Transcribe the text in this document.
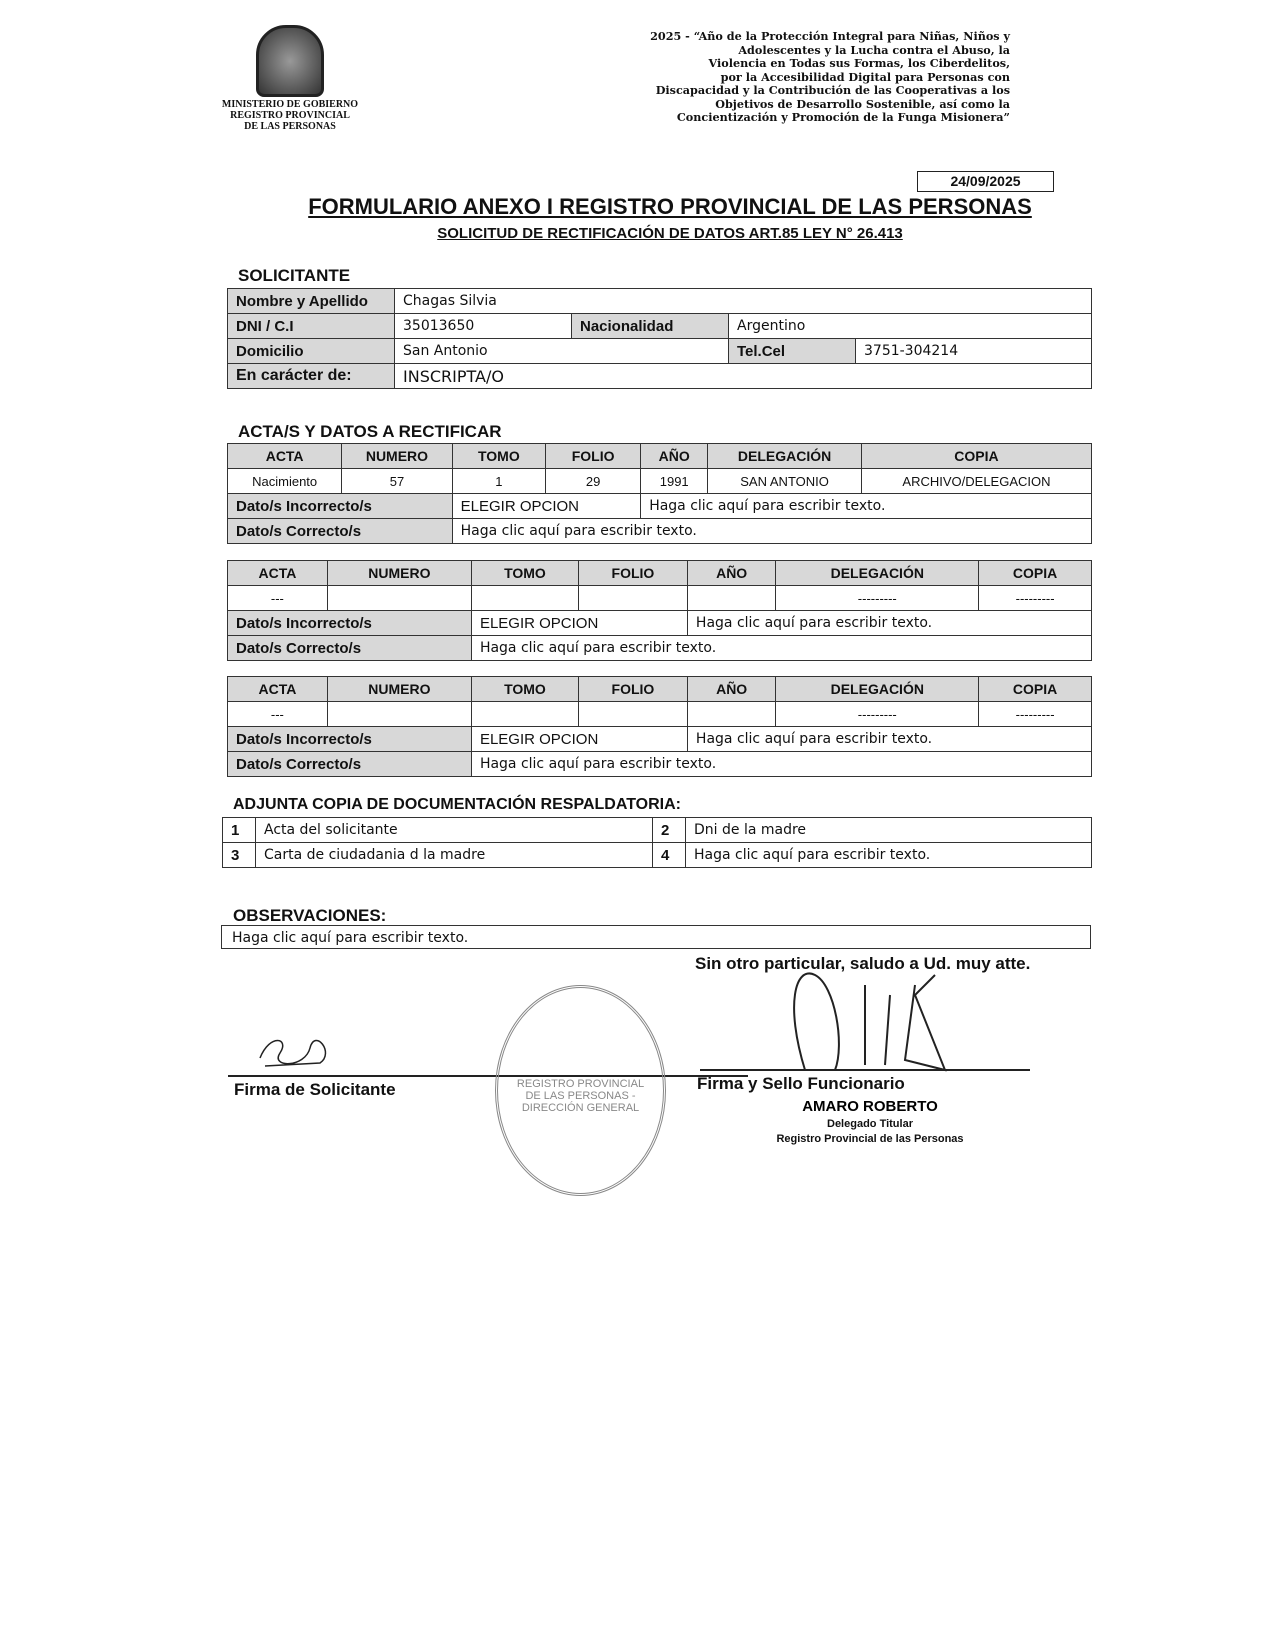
MINISTERIO DE GOBIERNO
REGISTRO PROVINCIAL
DE LAS PERSONAS
2025 - “Año de la Protección Integral para Niñas, Niños y
Adolescentes y la Lucha contra el Abuso, la
Violencia en Todas sus Formas, los Ciberdelitos,
por la Accesibilidad Digital para Personas con
Discapacidad y la Contribución de las Cooperativas a los
Objetivos de Desarrollo Sostenible, así como la
Concientización y Promoción de la Funga Misionera”
24/09/2025
FORMULARIO ANEXO I REGISTRO PROVINCIAL DE LAS PERSONAS
SOLICITUD DE RECTIFICACIÓN DE DATOS ART.85 LEY N° 26.413
SOLICITANTE
Nombre y Apellido	Chagas Silvia			
DNI / C.I	35013650	Nacionalidad	Argentino	
Domicilio	San Antonio		Tel.Cel	3751-304214
En carácter de:	INSCRIPTA/O			
ACTA/S Y DATOS A RECTIFICAR
ADJUNTA COPIA DE DOCUMENTACIÓN RESPALDATORIA:
1	Acta del solicitante	2	Dni de la madre
3	Carta de ciudadania d la madre	4	Haga clic aquí para escribir texto.
OBSERVACIONES:
Haga clic aquí para escribir texto.
Sin otro particular, saludo a Ud. muy atte.
Firma de Solicitante	REGISTRO PROVINCIAL DE LAS PERSONAS - DIRECCIÓN GENERAL
Firma y Sello Funcionario
AMARO ROBERTO
Delegado Titular
Registro Provincial de las Personas
ACTA	NUMERO	TOMO	FOLIO	AÑO	DELEGACIÓN	COPIA
Nacimiento	57	1	29	1991	SAN ANTONIO	ARCHIVO/DELEGACION
Dato/s Incorrecto/s		ELEGIR OPCION		Haga clic aquí para escribir texto.		
Dato/s Correcto/s		Haga clic aquí para escribir texto.				
ACTA	NUMERO	TOMO	FOLIO	AÑO	DELEGACIÓN	COPIA
---					---------	---------
Dato/s Incorrecto/s		ELEGIR OPCION		Haga clic aquí para escribir texto.		
Dato/s Correcto/s		Haga clic aquí para escribir texto.				
ACTA	NUMERO	TOMO	FOLIO	AÑO	DELEGACIÓN	COPIA
---					---------	---------
Dato/s Incorrecto/s		ELEGIR OPCION		Haga clic aquí para escribir texto.		
Dato/s Correcto/s		Haga clic aquí para escribir texto.				
